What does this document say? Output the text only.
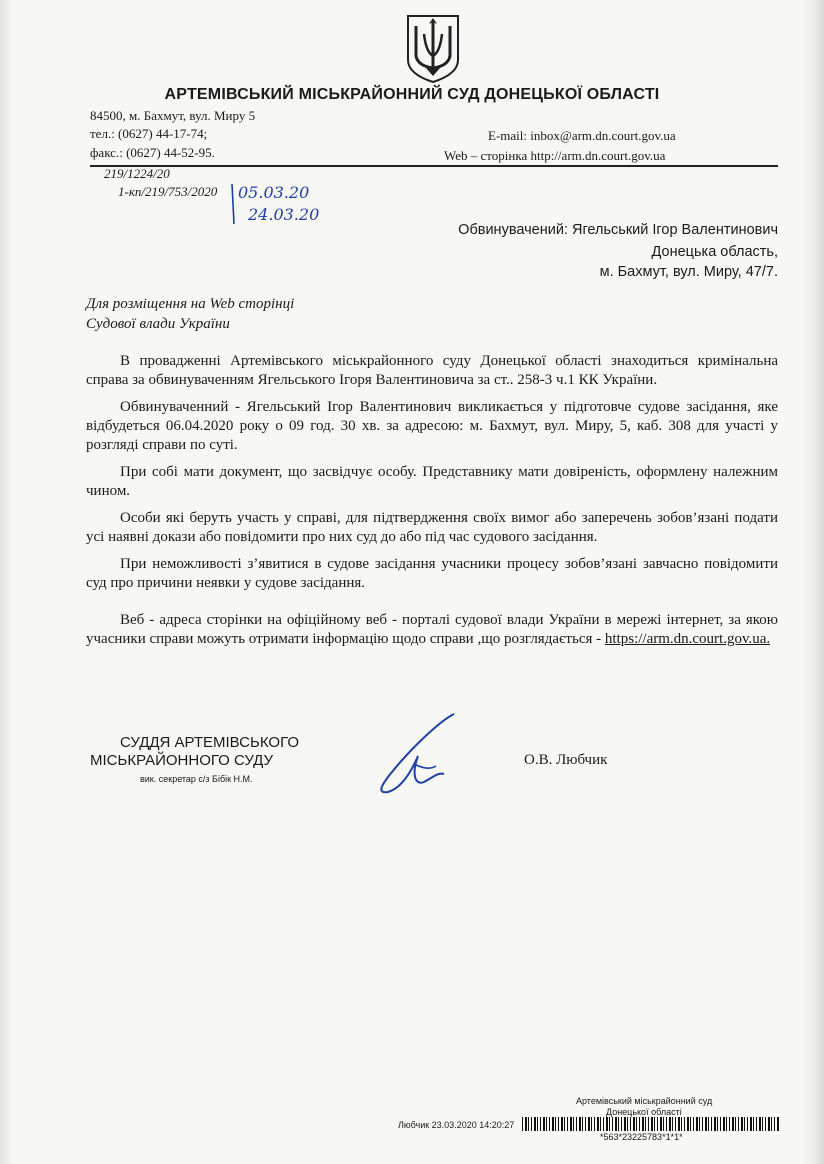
АРТЕМІВСЬКИЙ МІСЬКРАЙОННИЙ СУД ДОНЕЦЬКОЇ ОБЛАСТІ
84500, м. Бахмут, вул. Миру 5
тел.: (0627) 44-17-74;
факс.: (0627) 44-52-95.
E-mail: inbox@arm.dn.court.gov.ua
Web – сторінка http://arm.dn.court.gov.ua
219/1224/20
1-кп/219/753/2020 05.03.20
24.03.20
Обвинувачений: Ягельський Ігор Валентинович
Донецька область,
м. Бахмут, вул. Миру, 47/7.
Для розміщення на Web сторінці
Судової влади України

В провадженні Артемівського міськрайонного суду Донецької області знаходиться кримінальна справа за обвинуваченням Ягельського Ігоря Валентиновича за ст.. 258-3 ч.1 КК України.

Обвинуваченний - Ягельський Ігор Валентинович викликається у підготовче судове засідання, яке відбудеться 06.04.2020 року о 09 год. 30 хв. за адресою: м. Бахмут, вул. Миру, 5, каб. 308 для участі у розгляді справи по суті.

При собі мати документ, що засвідчує особу. Представнику мати довіреність, оформлену належним чином.

Особи які беруть участь у справі, для підтвердження своїх вимог або заперечень зобов’язані подати усі наявні докази або повідомити про них суд до або під час судового засідання.

При неможливості з’явитися в судове засідання учасники процесу зобов’язані завчасно повідомити суд про причини неявки у судове засідання.

Веб - адреса сторінки на офіційному веб - порталі судової влади України в мережі інтернет, за якою учасники справи можуть отримати інформацію щодо справи ,що розглядається - https://arm.dn.court.gov.ua.

СУДДЯ АРТЕМІВСЬКОГО
МІСЬКРАЙОННОГО СУДУ
вик. секретар с/з Бібік Н.М.
О.В. Любчик
Артемівський міськрайонний суд
Донецької області
Любчик 23.03.2020 14:20:27
*563*23225783*1*1*
